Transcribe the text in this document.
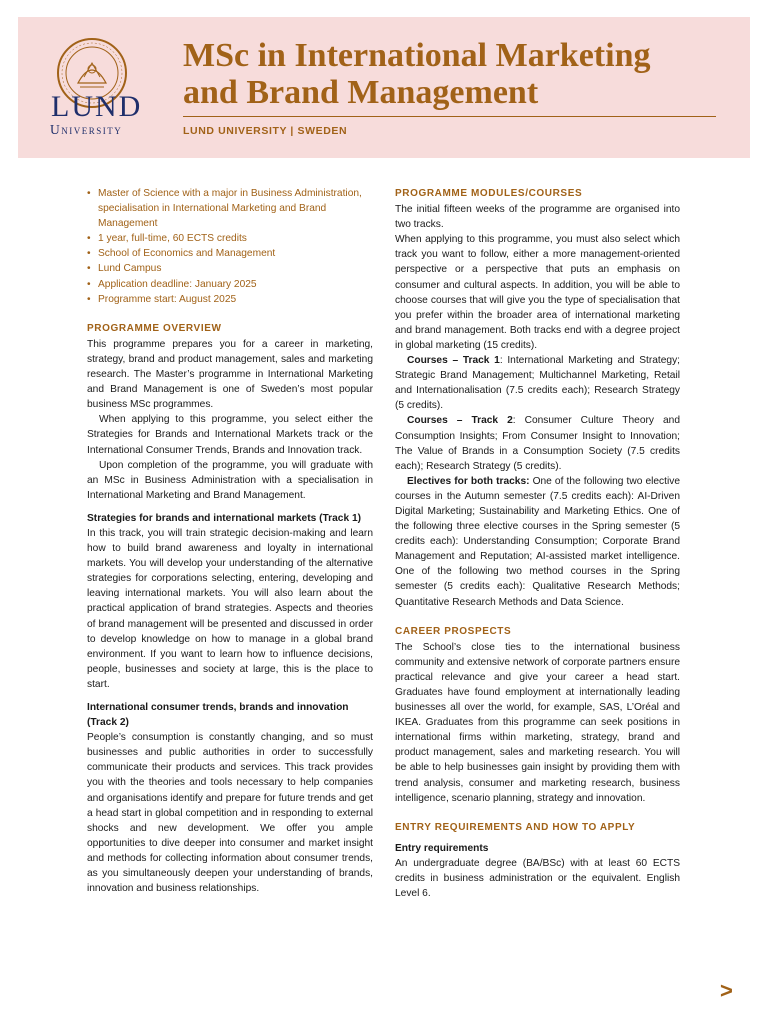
LUND
University
MSc in International Marketing
and Brand Management
LUND UNIVERSITY | SWEDEN
• Master of Science with a major in Business Administration, specialisation in International Marketing and Brand Management
• 1 year, full-time, 60 ECTS credits
• School of Economics and Management
• Lund Campus
• Application deadline: January 2025
• Programme start: August 2025
PROGRAMME OVERVIEW

This programme prepares you for a career in marketing, strategy, brand and product management, sales and marketing research. The Master’s programme in International Marketing and Brand Management is one of Sweden’s most popular business MSc programmes.

When applying to this programme, you select either the Strategies for Brands and International Markets track or the International Consumer Trends, Brands and Innovation track.

Upon completion of the programme, you will graduate with an MSc in Business Administration with a specialisation in International Marketing and Brand Management.

Strategies for brands and international markets (Track 1)

In this track, you will train strategic decision-making and learn how to build brand awareness and loyalty in international markets. You will develop your understanding of the alternative strategies for corporations selecting, entering, developing and leaving international markets. You will also learn about the practical application of brand strategies. Aspects and theories of brand management will be presented and discussed in order to develop knowledge on how to manage in a global brand environment. If you want to learn how to influence decisions, people, businesses and society at large, this is the place to start.

International consumer trends, brands and innovation (Track 2)

People’s consumption is constantly changing, and so must businesses and public authorities in order to successfully communicate their products and services. This track provides you with the theories and tools necessary to help companies and organisations identify and prepare for future trends and get a head start in global competition and in responding to external shocks and new development. We offer you ample opportunities to dive deeper into consumer and market insight and methods for collecting information about consumer trends, as you simultaneously deepen your understanding of brands, innovation and business relationships.

PROGRAMME MODULES/COURSES

The initial fifteen weeks of the programme are organised into two tracks.

When applying to this programme, you must also select which track you want to follow, either a more management-oriented perspective or a perspective that puts an emphasis on consumer and cultural aspects. In addition, you will be able to choose courses that will give you the type of specialisation that you prefer within the broader area of international marketing and brand management. Both tracks end with a degree project in global marketing (15 credits).

Courses – Track 1: International Marketing and Strategy; Strategic Brand Management; Multichannel Marketing, Retail and Internationalisation (7.5 credits each); Research Strategy (5 credits).

Courses – Track 2: Consumer Culture Theory and Consumption Insights; From Consumer Insight to Innovation; The Value of Brands in a Consumption Society (7.5 credits each); Research Strategy (5 credits).

Electives for both tracks: One of the following two elective courses in the Autumn semester (7.5 credits each): AI-Driven Digital Marketing; Sustainability and Marketing Ethics. One of the following three elective courses in the Spring semester (5 credits each): Understanding Consumption; Corporate Brand Management and Reputation; AI-assisted market intelligence. One of the following two method courses in the Spring semester (5 credits each): Qualitative Research Methods; Quantitative Research Methods and Data Science.

CAREER PROSPECTS

The School’s close ties to the international business community and extensive network of corporate partners ensure practical relevance and give your career a head start. Graduates have found employment at internationally leading businesses all over the world, for example, SAS, L’Oréal and IKEA. Graduates from this programme can seek positions in international firms within marketing, strategy, brand and product management, sales and marketing research. You will be able to help businesses gain insight by providing them with trend analysis, consumer and marketing research, business intelligence, scenario planning, strategy and innovation.

ENTRY REQUIREMENTS AND HOW TO APPLY
Entry requirements

An undergraduate degree (BA/BSc) with at least 60 ECTS credits in business administration or the equivalent. English Level 6.

>
